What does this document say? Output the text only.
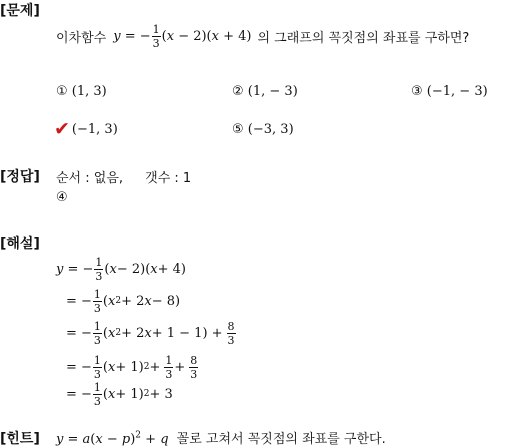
[문제]
이차함수 y = − $\frac{1}{3} (x - 2)(x + 4)$ 의 그래프의 꼭짓점의 좌표를 구하면?
① (1, 3)	② (1, − 3)	③ (−1, − 3)
✔ (−1, 3)	⑤ (−3, 3)
[정답] 순서 : 없음, 갯수 : 1
④
[해설]
y = − $\frac{1}{3}$ ( x − 2)( x + 4)
= − $\frac{1}{3}$ ( x 2 + 2 x − 8)
= − $\frac{1}{3}$ ( x 2 + 2 $x + 1 - 1) + \frac{8}{3}$
= − $\frac{1}{3}$ ( x + 1) $2 + \frac{1}{3} + \frac{8}{3}$
= − $\frac{1}{3}$ ( x + 1) 2 + 3
[힌트] $y = a(x - p)^2 + q$ 꼴로 고쳐서 꼭짓점의 좌표를 구한다.
